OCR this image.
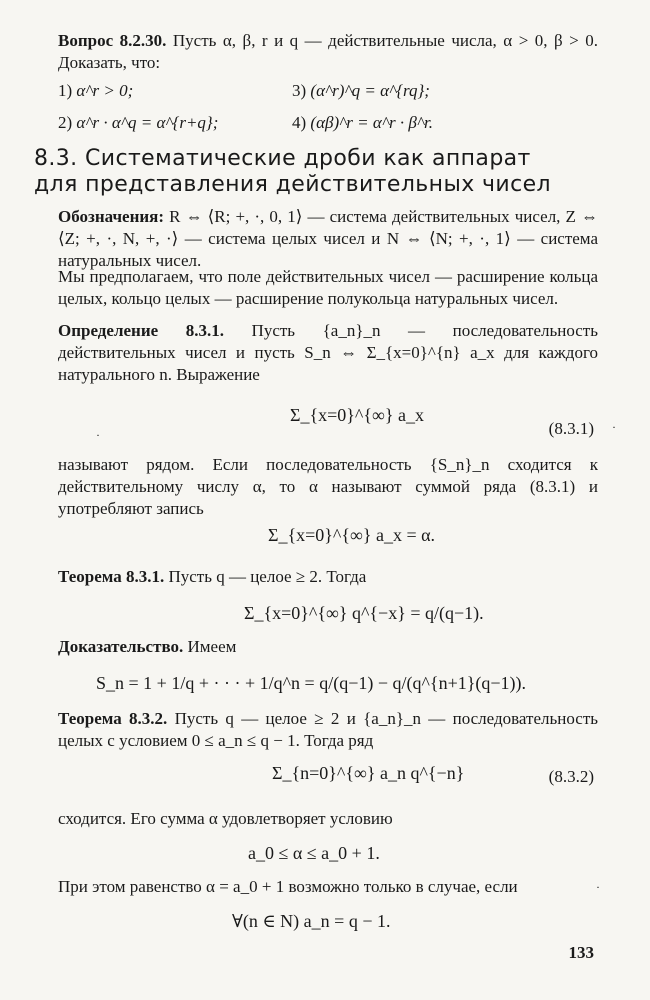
Вопрос 8.2.30. Пусть α, β, r и q — действительные числа, α > 0, β > 0. Доказать, что:
1) α^r > 0;	3) (α^r)^q = α^{rq};
2) α^r · α^q = α^{r+q};	4) (αβ)^r = α^r · β^r.
8.3. Систематические дроби как аппарат
для представления действительных чисел
Обозначения: R ⇔ ⟨R; +, ·, 0, 1⟩ — система действительных чисел, Z ⇔ ⟨Z; +, ·, N, +, ·⟩ — система целых чисел и N ⇔ ⟨N; +, ·, 1⟩ — система натуральных чисел.
Мы предполагаем, что поле действительных чисел — расширение кольца целых, кольцо целых — расширение полукольца натуральных чисел.
Определение 8.3.1. Пусть {a_n}_n — последовательность действительных чисел и пусть S_n ⇔ Σ_{x=0}^{n} a_x для каждого натурального n. Выражение
Σ_{x=0}^{∞} a_x
(8.3.1)
называют рядом. Если последовательность {S_n}_n сходится к действительному числу α, то α называют суммой ряда (8.3.1) и употребляют запись
Σ_{x=0}^{∞} a_x = α.
Теорема 8.3.1. Пусть q — целое ≥ 2. Тогда
Σ_{x=0}^{∞} q^{−x} = q/(q−1).
Доказательство. Имеем
S_n = 1 + 1/q + · · · + 1/q^n = q/(q−1) − q/(q^{n+1}(q−1)).
Теорема 8.3.2. Пусть q — целое ≥ 2 и {a_n}_n — последовательность целых с условием 0 ≤ a_n ≤ q − 1. Тогда ряд
Σ_{n=0}^{∞} a_n q^{−n}	(8.3.2)
сходится. Его сумма α удовлетворяет условию
a_0 ≤ α ≤ a_0 + 1.
При этом равенство α = a_0 + 1 возможно только в случае, если
∀(n ∈ N) a_n = q − 1.
133
·
·
·
